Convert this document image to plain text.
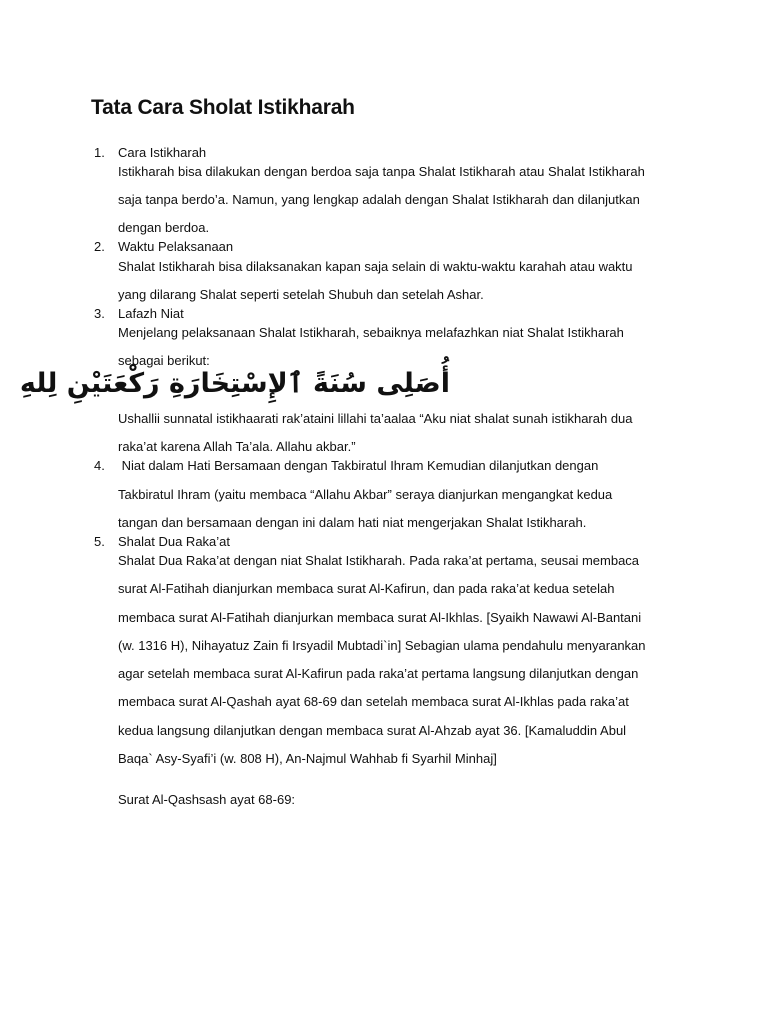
Tata Cara Sholat Istikharah
1. Cara Istikharah
Istikharah bisa dilakukan dengan berdoa saja tanpa Shalat Istikharah atau Shalat Istikharah
saja tanpa berdo’a. Namun, yang lengkap adalah dengan Shalat Istikharah dan dilanjutkan
dengan berdoa.
2. Waktu Pelaksanaan
Shalat Istikharah bisa dilaksanakan kapan saja selain di waktu-waktu karahah atau waktu
yang dilarang Shalat seperti setelah Shubuh dan setelah Ashar.
3. Lafazh Niat
Menjelang pelaksanaan Shalat Istikharah, sebaiknya melafazhkan niat Shalat Istikharah
sebagai berikut:
أُصَلِى سُنَةً ٱلإِسْتِخَارَةِ رَكْعَتَيْنِ لِلهِ
Ushallii sunnatal istikhaarati rak’ataini lillahi ta’aalaa “Aku niat shalat sunah istikharah dua
raka’at karena Allah Ta’ala. Allahu akbar.”
4. Niat dalam Hati Bersamaan dengan Takbiratul Ihram Kemudian dilanjutkan dengan
Takbiratul Ihram (yaitu membaca “Allahu Akbar” seraya dianjurkan mengangkat kedua
tangan dan bersamaan dengan ini dalam hati niat mengerjakan Shalat Istikharah.
5. Shalat Dua Raka’at
Shalat Dua Raka’at dengan niat Shalat Istikharah. Pada raka’at pertama, seusai membaca
surat Al-Fatihah dianjurkan membaca surat Al-Kafirun, dan pada raka’at kedua setelah
membaca surat Al-Fatihah dianjurkan membaca surat Al-Ikhlas. [Syaikh Nawawi Al-Bantani
(w. 1316 H), Nihayatuz Zain fi Irsyadil Mubtadi`in] Sebagian ulama pendahulu menyarankan
agar setelah membaca surat Al-Kafirun pada raka’at pertama langsung dilanjutkan dengan
membaca surat Al-Qashah ayat 68-69 dan setelah membaca surat Al-Ikhlas pada raka’at
kedua langsung dilanjutkan dengan membaca surat Al-Ahzab ayat 36. [Kamaluddin Abul
Baqa` Asy-Syafi’i (w. 808 H), An-Najmul Wahhab fi Syarhil Minhaj]
Surat Al-Qashsash ayat 68-69:
